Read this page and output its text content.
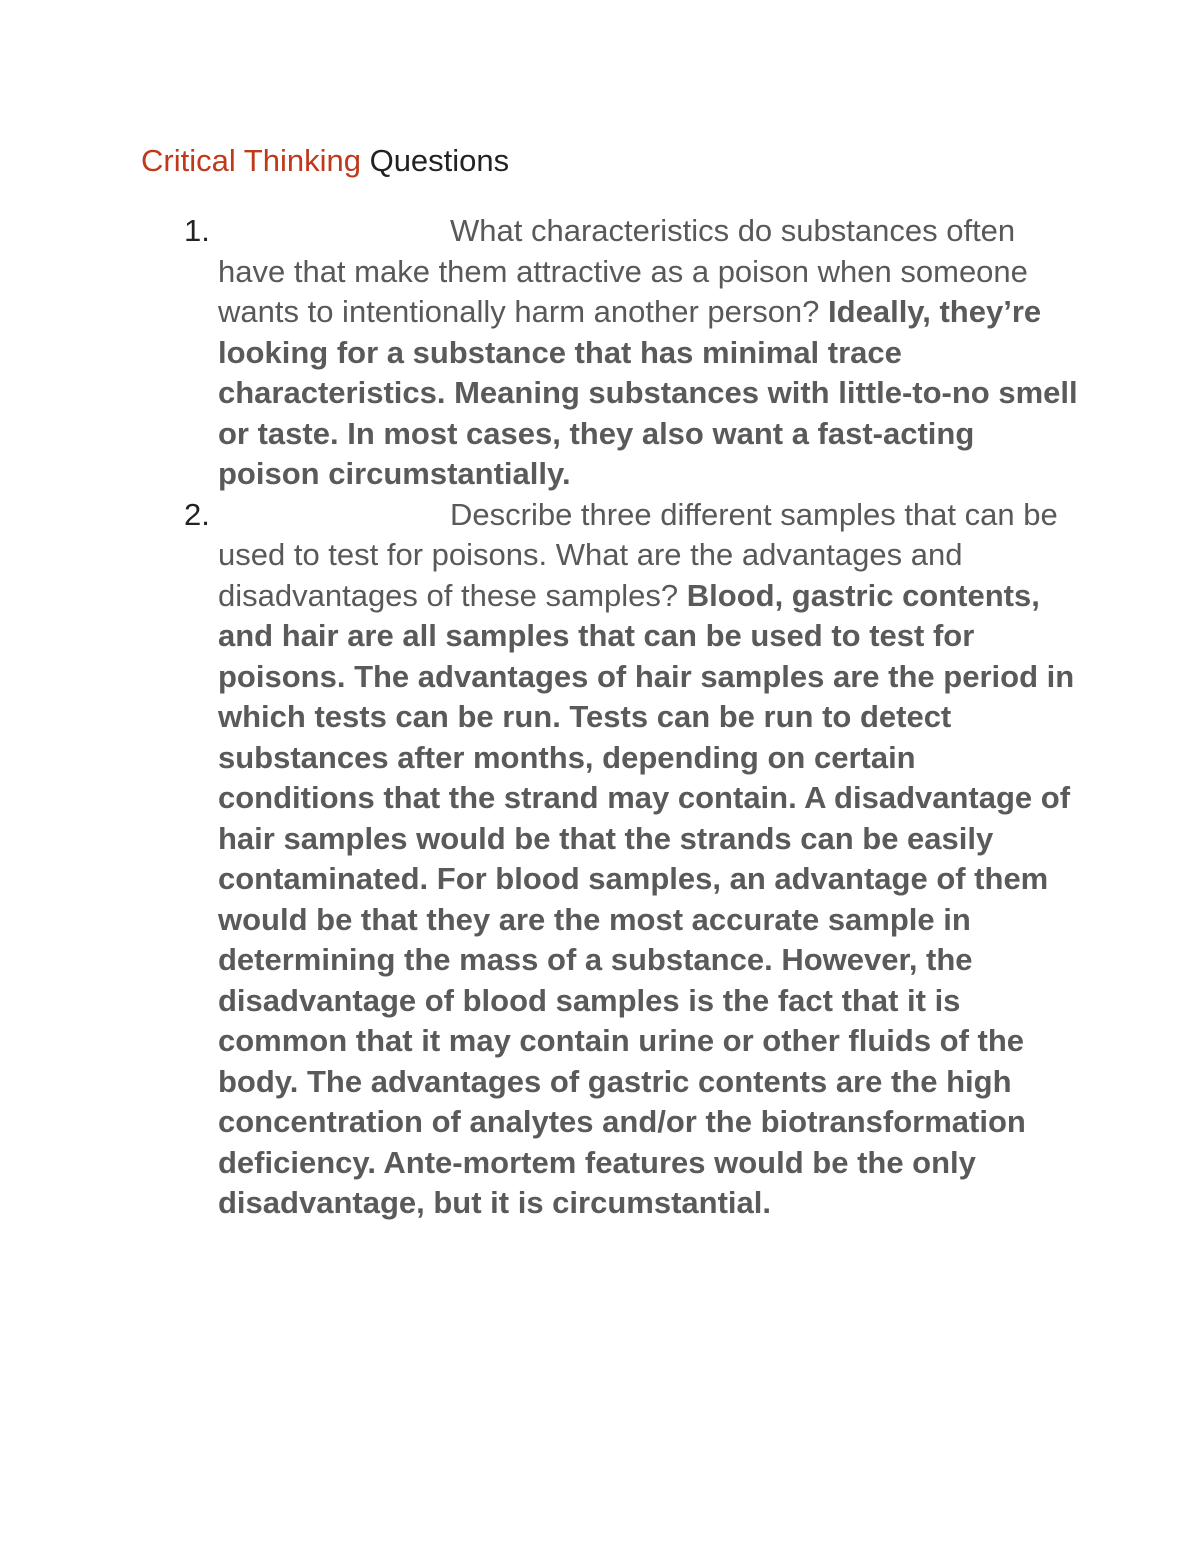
Critical Thinking Questions
1.	What characteristics do substances often have that make them attractive as a poison when someone wants to intentionally harm another person? Ideally, they’re looking for a substance that has minimal trace characteristics. Meaning substances with little-to-no smell or taste. In most cases, they also want a fast-acting poison circumstantially.
2.	Describe three different samples that can be used to test for poisons. What are the advantages and disadvantages of these samples? Blood, gastric contents, and hair are all samples that can be used to test for poisons. The advantages of hair samples are the period in which tests can be run. Tests can be run to detect substances after months, depending on certain conditions that the strand may contain. A disadvantage of hair samples would be that the strands can be easily contaminated. For blood samples, an advantage of them would be that they are the most accurate sample in determining the mass of a substance. However, the disadvantage of blood samples is the fact that it is common that it may contain urine or other fluids of the body. The advantages of gastric contents are the high concentration of analytes and/or the biotransformation deficiency. Ante-mortem features would be the only disadvantage, but it is circumstantial.
